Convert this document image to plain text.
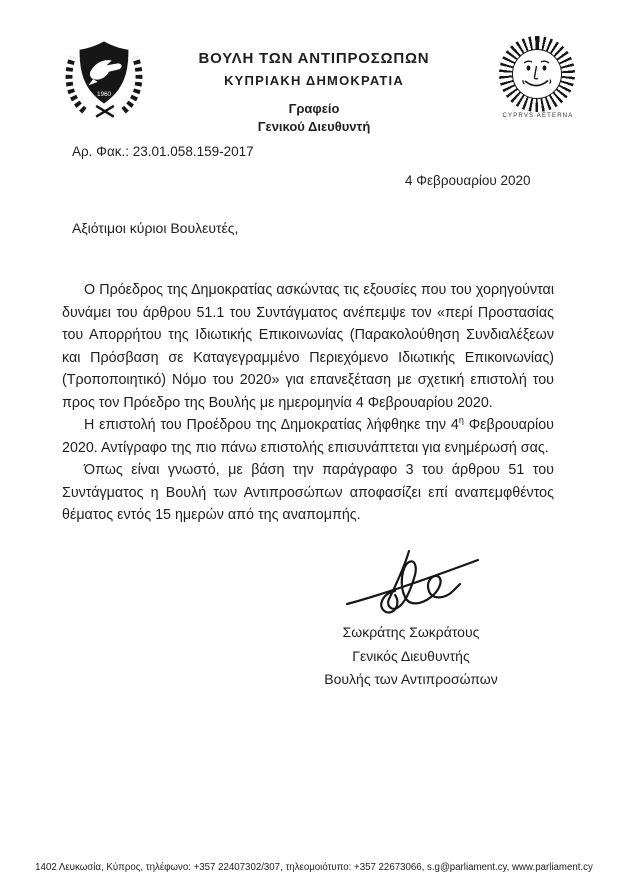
1960
ΒΟΥΛΗ ΤΩΝ ΑΝΤΙΠΡΟΣΩΠΩΝ
ΚΥΠΡΙΑΚΗ ΔΗΜΟΚΡΑΤΙΑ
Γραφείο
Γενικού Διευθυντή
CYPRVS AETERNA
Αρ. Φακ.: 23.01.058.159-2017
4 Φεβρουαρίου 2020
Αξιότιμοι κύριοι Βουλευτές,

Ο Πρόεδρος της Δημοκρατίας ασκώντας τις εξουσίες που του χορηγούνται δυνάμει του άρθρου 51.1 του Συντάγματος ανέπεμψε τον «περί Προστασίας του Απορρήτου της Ιδιωτικής Επικοινωνίας (Παρακολούθηση Συνδιαλέξεων και Πρόσβαση σε Καταγεγραμμένο Περιεχόμενο Ιδιωτικής Επικοινωνίας) (Τροποποιητικό) Νόμο του 2020» για επανεξέταση με σχετική επιστολή του προς τον Πρόεδρο της Βουλής με ημερομηνία 4 Φεβρουαρίου 2020.

Η επιστολή του Προέδρου της Δημοκρατίας λήφθηκε την $4^\eta$ Φεβρουαρίου 2020. Αντίγραφο της πιο πάνω επιστολής επισυνάπτεται για ενημέρωσή σας.

Όπως είναι γνωστό, με βάση την παράγραφο 3 του άρθρου 51 του Συντάγματος η Βουλή των Αντιπροσώπων αποφασίζει επί αναπεμφθέντος θέματος εντός 15 ημερών από της αναπομπής.

Σωκράτης Σωκράτους
Γενικός Διευθυντής
Βουλής των Αντιπροσώπων
1402 Λευκωσία, Κύπρος, τηλέφωνο: +357 22407302/307, τηλεομοιότυπο: +357 22673066, s.g@parliament.cy, www.parliament.cy
